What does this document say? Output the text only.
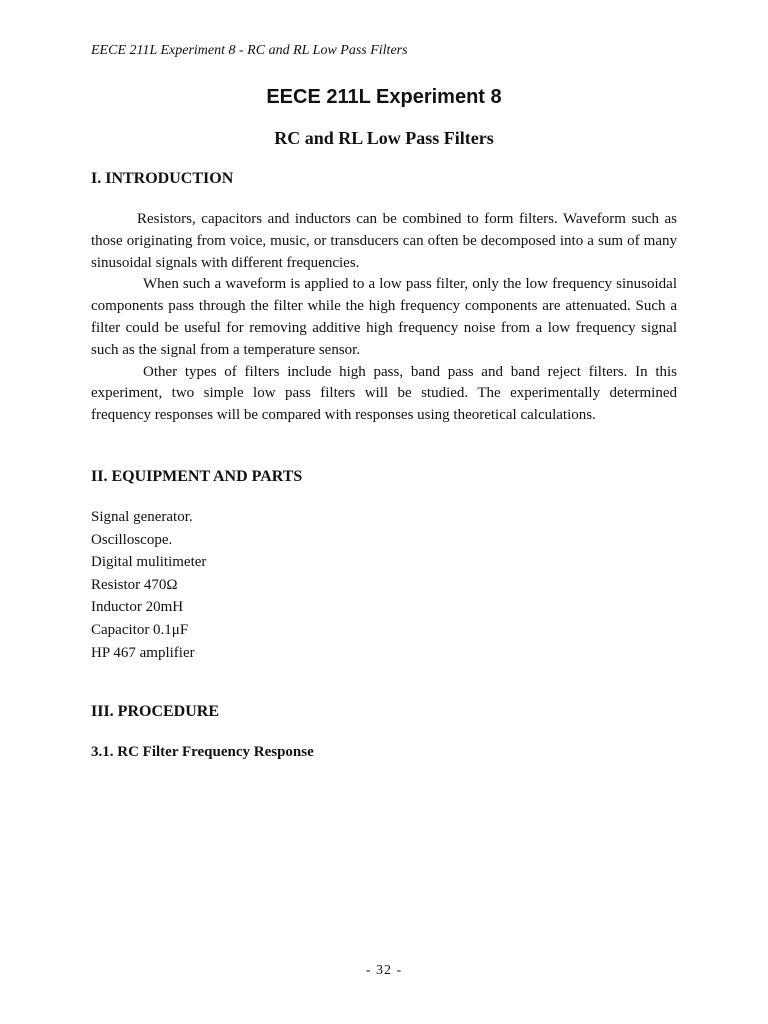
EECE 211L Experiment 8 - RC and RL Low Pass Filters
EECE 211L Experiment 8
RC and RL Low Pass Filters
I. INTRODUCTION

Resistors, capacitors and inductors can be combined to form filters. Waveform such as those originating from voice, music, or transducers can often be decomposed into a sum of many sinusoidal signals with different frequencies.

When such a waveform is applied to a low pass filter, only the low frequency sinusoidal components pass through the filter while the high frequency components are attenuated. Such a filter could be useful for removing additive high frequency noise from a low frequency signal such as the signal from a temperature sensor.

Other types of filters include high pass, band pass and band reject filters. In this experiment, two simple low pass filters will be studied. The experimentally determined frequency responses will be compared with responses using theoretical calculations.

II. EQUIPMENT AND PARTS
Signal generator.
Oscilloscope.
Digital mulitimeter
Resistor 470Ω
Inductor 20mH
Capacitor 0.1μF
HP 467 amplifier
III. PROCEDURE
3.1. RC Filter Frequency Response
- 32 -
